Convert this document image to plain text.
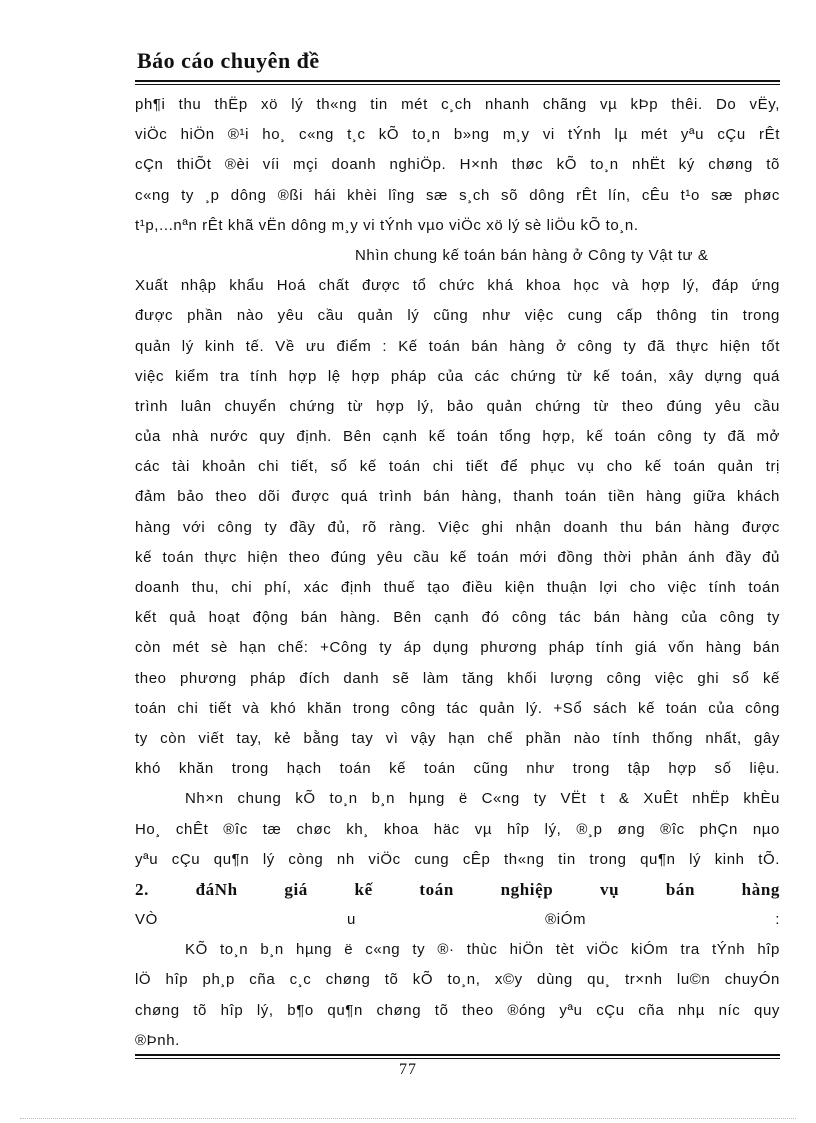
Báo cáo chuyên đề
ph¶i thu thËp xö lý th«ng tin mét c¸ch nhanh chãng vµ kÞp thêi. Do vËy,
viÖc hiÖn ®¹i ho¸ c«ng t¸c kÕ to¸n b»ng m¸y vi tÝnh lµ mét yªu cÇu rÊt
cÇn thiÕt ®èi víi mçi doanh nghiÖp. H×nh thøc kÕ to¸n nhËt ký chøng tõ
c«ng ty ¸p dông ®ßi hái khèi lîng sæ s¸ch sõ dông rÊt lín, cÊu t¹o sæ phøc
t¹p,...nªn rÊt khã vËn dông m¸y vi tÝnh vµo viÖc xö lý sè liÖu kÕ to¸n.
Nhìn chung kế toán bán hàng ở Công ty Vật tư &
Xuất nhập khẩu Hoá chất được tổ chức khá khoa học và hợp lý, đáp ứng
được phần nào yêu cầu quản lý cũng như việc cung cấp thông tin trong
quản lý kinh tế. Về ưu điểm : Kế toán bán hàng ở công ty đã thực hiện tốt
việc kiểm tra tính hợp lệ hợp pháp của các chứng từ kế toán, xây dựng quá
trình luân chuyển chứng từ hợp lý, bảo quản chứng từ theo đúng yêu cầu
của nhà nước quy định. Bên cạnh kế toán tổng hợp, kế toán công ty đã mở
các tài khoản chi tiết, sổ kế toán chi tiết để phục vụ cho kế toán quản trị
đảm bảo theo dõi được quá trình bán hàng, thanh toán tiền hàng giữa khách
hàng với công ty đầy đủ, rõ ràng. Việc ghi nhận doanh thu bán hàng được
kế toán thực hiện theo đúng yêu cầu kế toán mới đồng thời phản ánh đầy đủ
doanh thu, chi phí, xác định thuế tạo điều kiện thuận lợi cho việc tính toán
kết quả hoạt động bán hàng. Bên cạnh đó công tác bán hàng của công ty
còn mét sè hạn chế: +Công ty áp dụng phương pháp tính giá vốn hàng bán
theo phương pháp đích danh sẽ làm tăng khối lượng công việc ghi sổ kế
toán chi tiết và khó khăn trong công tác quản lý. +Sổ sách kế toán của công
ty còn viết tay, kẻ bằng tay vì vậy hạn chế phần nào tính thống nhất, gây
khó khăn trong hạch toán kế toán cũng như trong tập hợp số liệu.
Nh×n chung kÕ to¸n b¸n hµng ë C«ng ty VËt t & XuÊt nhËp khÈu
Ho¸ chÊt ®îc tæ chøc kh¸ khoa häc vµ hîp lý, ®¸p øng ®îc phÇn nµo
yªu cÇu qu¶n lý còng nh viÖc cung cÊp th«ng tin trong qu¶n lý kinh tÕ.
2. đáNh giá kế toán nghiệp vụ bán hàng
VÒ u ®iÓm :
KÕ to¸n b¸n hµng ë c«ng ty ®· thùc hiÖn tèt viÖc kiÓm tra tÝnh hîp
lÖ hîp ph¸p cña c¸c chøng tõ kÕ to¸n, x©y dùng qu¸ tr×nh lu©n chuyÓn
chøng tõ hîp lý, b¶o qu¶n chøng tõ theo ®óng yªu cÇu cña nhµ níc quy
®Þnh.
77
